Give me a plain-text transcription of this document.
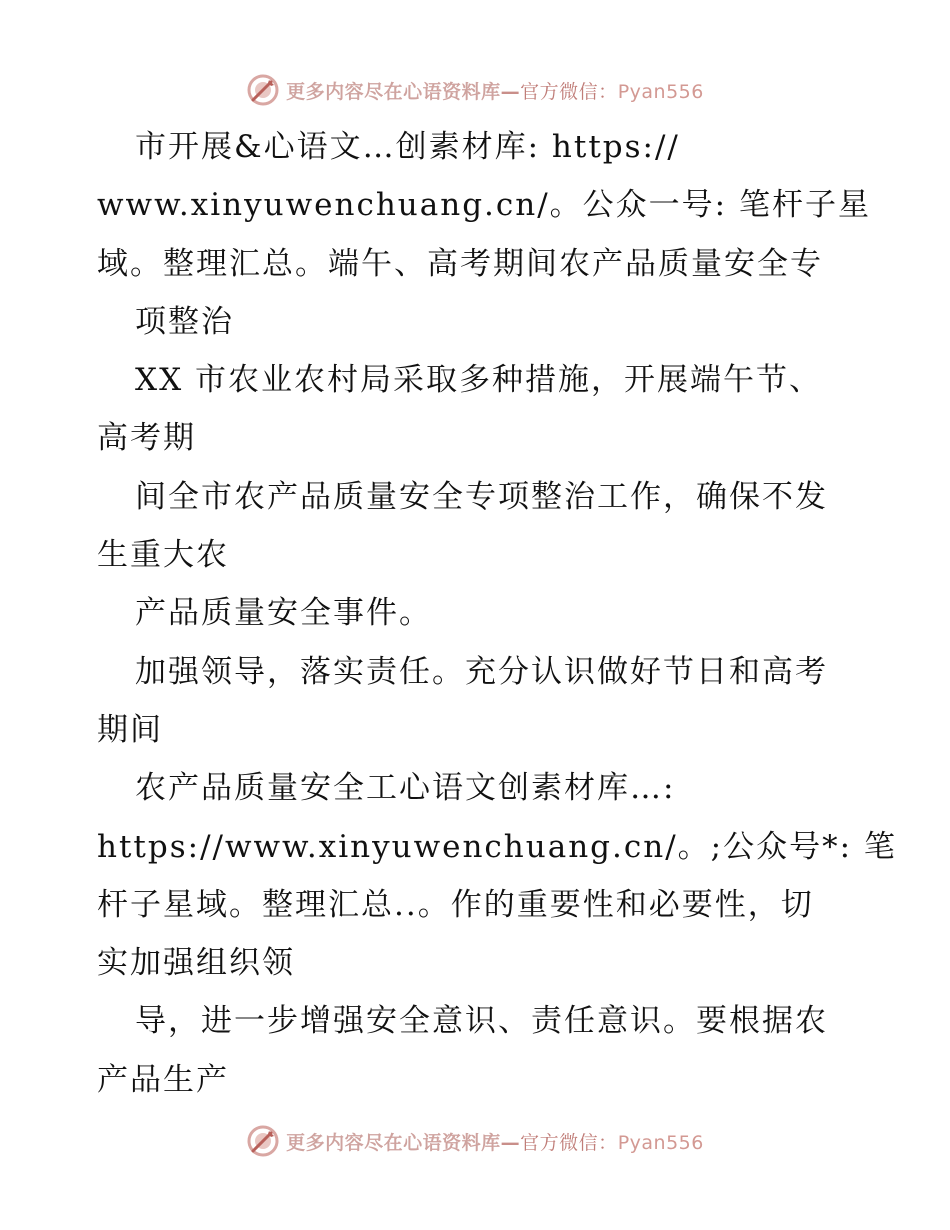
更多内容尽在心语资料库—官方微信：Pyan556
市开展&心语文…创素材库: https://
www.xinyuwenchuang.cn/。公众一号: 笔杆子星
域。整理汇总。端午、高考期间农产品质量安全专
项整治
XX 市农业农村局采取多种措施，开展端午节、
高考期
间全市农产品质量安全专项整治工作，确保不发
生重大农
产品质量安全事件。
加强领导，落实责任。充分认识做好节日和高考
期间
农产品质量安全工心语文创素材库…:
https://www.xinyuwenchuang.cn/。;公众号*: 笔
杆子星域。整理汇总..。作的重要性和必要性，切
实加强组织领
导，进一步增强安全意识、责任意识。要根据农
产品生产
更多内容尽在心语资料库—官方微信：Pyan556
